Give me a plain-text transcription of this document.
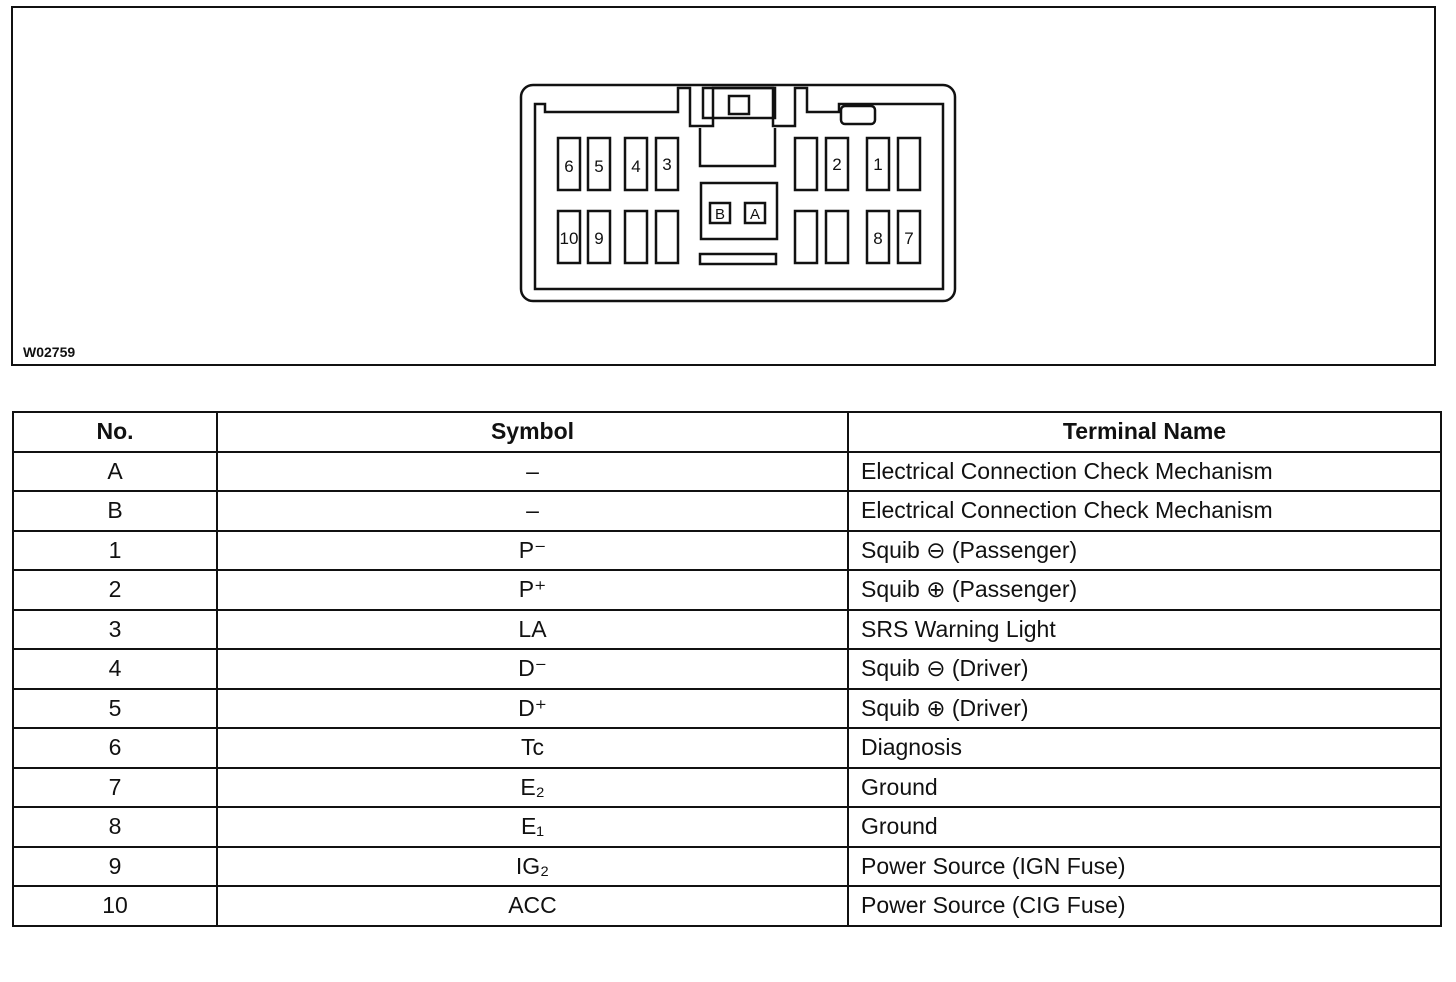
6 5 4 3	2 1
10 9	8 7
B A
W02759
No.	Symbol	Terminal Name
A	–	Electrical Connection Check Mechanism
B	–	Electrical Connection Check Mechanism
1	P⁻	Squib ⊖ (Passenger)
2	P⁺	Squib ⊕ (Passenger)
3	LA	SRS Warning Light
4	D⁻	Squib ⊖ (Driver)
5	D⁺	Squib ⊕ (Driver)
6	Tc	Diagnosis
7	E₂	Ground
8	E₁	Ground
9	IG₂	Power Source (IGN Fuse)
10	ACC	Power Source (CIG Fuse)
